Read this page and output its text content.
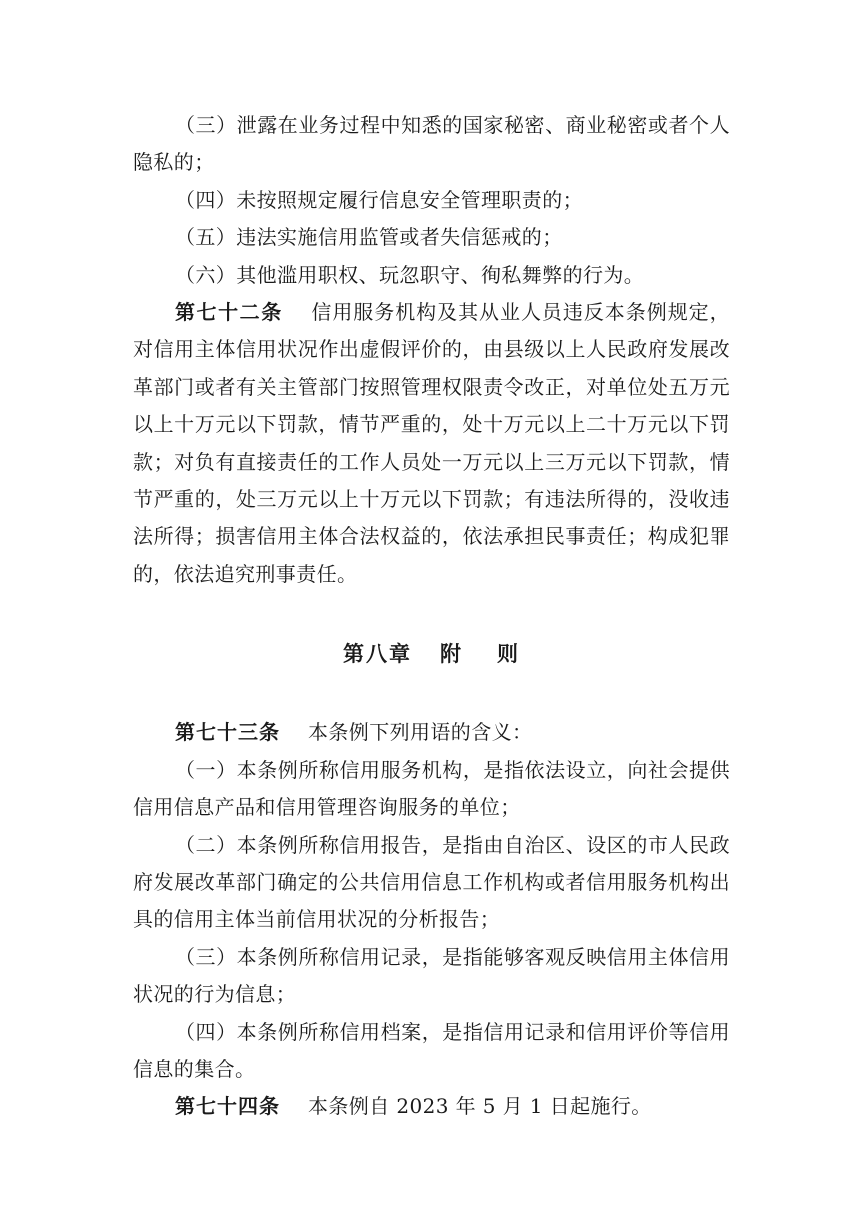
（三）泄露在业务过程中知悉的国家秘密、商业秘密或者个人隐私的；

（四）未按照规定履行信息安全管理职责的；

（五）违法实施信用监管或者失信惩戒的；

（六）其他滥用职权、玩忽职守、徇私舞弊的行为。

第七十二条 信用服务机构及其从业人员违反本条例规定，对信用主体信用状况作出虚假评价的，由县级以上人民政府发展改革部门或者有关主管部门按照管理权限责令改正，对单位处五万元以上十万元以下罚款，情节严重的，处十万元以上二十万元以下罚款；对负有直接责任的工作人员处一万元以上三万元以下罚款，情节严重的，处三万元以上十万元以下罚款；有违法所得的，没收违法所得；损害信用主体合法权益的，依法承担民事责任；构成犯罪的，依法追究刑事责任。

第八章 附 则

第七十三条 本条例下列用语的含义：

（一）本条例所称信用服务机构，是指依法设立，向社会提供信用信息产品和信用管理咨询服务的单位；

（二）本条例所称信用报告，是指由自治区、设区的市人民政府发展改革部门确定的公共信用信息工作机构或者信用服务机构出具的信用主体当前信用状况的分析报告；

（三）本条例所称信用记录，是指能够客观反映信用主体信用状况的行为信息；

（四）本条例所称信用档案，是指信用记录和信用评价等信用信息的集合。

第七十四条 本条例自 2023 年 5 月 1 日起施行。
